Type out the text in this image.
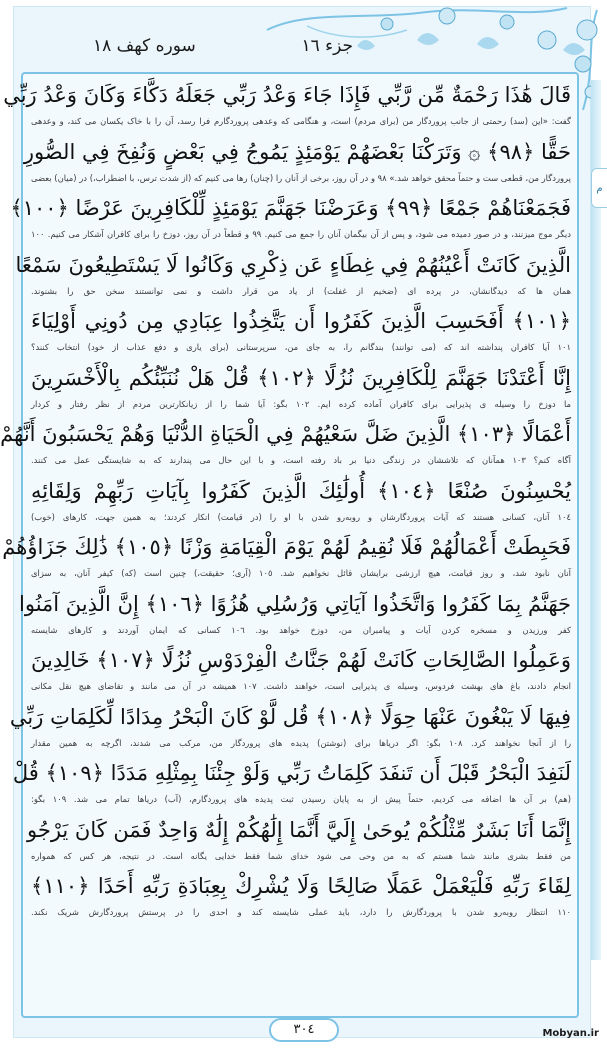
م
جزء ١٦
سوره کهف ١٨
قَالَ هَٰذَا رَحْمَةٌ مِّن رَّبِّي فَإِذَا جَاءَ وَعْدُ رَبِّي جَعَلَهُ دَكَّاءَ وَكَانَ وَعْدُ رَبِّي
گفت: «این (سد) رحمتی از جانب پروردگار من (برای مردم) است، و هنگامی که وعدهی پروردگارم فرا رسد، آن را با خاک یکسان می کند، و وعدهی
حَقًّا ﴿٩٨﴾ ۞ وَتَرَكْنَا بَعْضَهُمْ يَوْمَئِذٍ يَمُوجُ فِي بَعْضٍ وَنُفِخَ فِي الصُّورِ
پروردگار من، قطعی ست و حتماً محقق خواهد شد.» ٩٨ و در آن روز، برخی از آنان را (چنان) رها می کنیم که (از شدت ترس، با اضطراب،) در (میان) بعضی
فَجَمَعْنَاهُمْ جَمْعًا ﴿٩٩﴾ وَعَرَضْنَا جَهَنَّمَ يَوْمَئِذٍ لِّلْكَافِرِينَ عَرْضًا ﴿١٠٠﴾
دیگر موج میزنند، و در صور دمیده می شود، و پس از آن بیگمان آنان را جمع می کنیم. ٩٩ و قطعاً در آن روز، دوزخ را برای کافران آشکار می کنیم. ١٠٠
الَّذِينَ كَانَتْ أَعْيُنُهُمْ فِي غِطَاءٍ عَن ذِكْرِي وَكَانُوا لَا يَسْتَطِيعُونَ سَمْعًا
همان ها که دیدگانشان، در پرده ای (ضخیم از غفلت) از یاد من قرار داشت و نمی توانستند سخن حق را بشنوند.
﴿١٠١﴾ أَفَحَسِبَ الَّذِينَ كَفَرُوا أَن يَتَّخِذُوا عِبَادِي مِن دُونِي أَوْلِيَاءَ
١٠١ آیا کافران پنداشته اند که (می توانند) بندگانم را، به جای من، سرپرستانی (برای یاری و دفع عذاب از خود) انتخاب کنند؟
إِنَّا أَعْتَدْنَا جَهَنَّمَ لِلْكَافِرِينَ نُزُلًا ﴿١٠٢﴾ قُلْ هَلْ نُنَبِّئُكُم بِالْأَخْسَرِينَ
ما دوزخ را وسیله ی پذیرایی برای کافران آماده کرده ایم. ١٠٢ بگو: آیا شما را از زیانکارترین مردم از نظر رفتار و کردار
أَعْمَالًا ﴿١٠٣﴾ الَّذِينَ ضَلَّ سَعْيُهُمْ فِي الْحَيَاةِ الدُّنْيَا وَهُمْ يَحْسَبُونَ أَنَّهُمْ
آگاه کنم؟ ١٠٣ همآنان که تلاششان در زندگی دنیا بر باد رفته است، و با این حال می پندارند که به شایستگی عمل می کنند.
يُحْسِنُونَ صُنْعًا ﴿١٠٤﴾ أُولَٰئِكَ الَّذِينَ كَفَرُوا بِآيَاتِ رَبِّهِمْ وَلِقَائِهِ
١٠٤ آنان، کسانی هستند که آیات پروردگارشان و روبه‌رو شدن با او را (در قیامت) انکار کردند؛ به همین جهت، کارهای (خوب)
فَحَبِطَتْ أَعْمَالُهُمْ فَلَا نُقِيمُ لَهُمْ يَوْمَ الْقِيَامَةِ وَزْنًا ﴿١٠٥﴾ ذَٰلِكَ جَزَاؤُهُمْ
آنان نابود شد، و روز قیامت، هیچ ارزشی برایشان قائل نخواهیم شد. ١٠٥ (آری؛ حقیقت،) چنین است (که) کیفر آنان، به سزای
جَهَنَّمُ بِمَا كَفَرُوا وَاتَّخَذُوا آيَاتِي وَرُسُلِي هُزُوًا ﴿١٠٦﴾ إِنَّ الَّذِينَ آمَنُوا
کفر ورزیدن و مسخره کردن آیات و پیامبران من، دوزخ خواهد بود. ١٠٦ کسانی که ایمان آوردند و کارهای شایسته
وَعَمِلُوا الصَّالِحَاتِ كَانَتْ لَهُمْ جَنَّاتُ الْفِرْدَوْسِ نُزُلًا ﴿١٠٧﴾ خَالِدِينَ
انجام دادند، باغ های بهشت فردوس، وسیله ی پذیرایی است، خواهند داشت. ١٠٧ همیشه در آن می مانند و تقاضای هیچ نقل مکانی
فِيهَا لَا يَبْغُونَ عَنْهَا حِوَلًا ﴿١٠٨﴾ قُل لَّوْ كَانَ الْبَحْرُ مِدَادًا لِّكَلِمَاتِ رَبِّي
را از آنجا نخواهند کرد. ١٠٨ بگو: اگر دریاها برای (نوشتن) پدیده های پروردگار من، مرکب می شدند، اگرچه به همین مقدار
لَنَفِدَ الْبَحْرُ قَبْلَ أَن تَنفَدَ كَلِمَاتُ رَبِّي وَلَوْ جِئْنَا بِمِثْلِهِ مَدَدًا ﴿١٠٩﴾ قُلْ
(هم) بر آن ها اضافه می کردیم، حتماً پیش از به پایان رسیدن ثبت پدیده های پروردگارم، (آب) دریاها تمام می شد. ١٠٩ بگو:
إِنَّمَا أَنَا بَشَرٌ مِّثْلُكُمْ يُوحَىٰ إِلَيَّ أَنَّمَا إِلَٰهُكُمْ إِلَٰهٌ وَاحِدٌ فَمَن كَانَ يَرْجُو
من فقط بشری مانند شما هستم که به من وحی می شود خدای شما فقط خدایی یگانه است. در نتیجه، هر کس که همواره
لِقَاءَ رَبِّهِ فَلْيَعْمَلْ عَمَلًا صَالِحًا وَلَا يُشْرِكْ بِعِبَادَةِ رَبِّهِ أَحَدًا ﴿١١٠﴾
١١٠ انتظار روبه‌رو شدن با پروردگارش را دارد، باید عملی شایسته کند و احدی را در پرستش پروردگارش شریک نکند.
٣٠٤	Mobyan.ir
